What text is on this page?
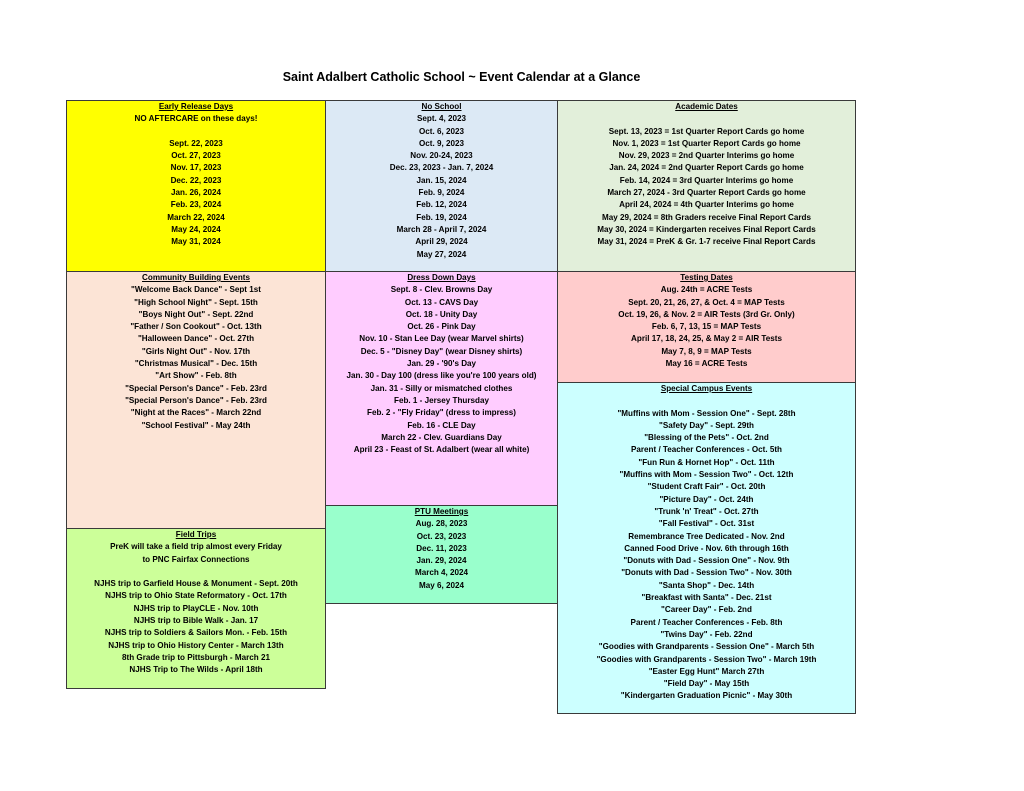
Saint Adalbert Catholic School ~ Event Calendar at a Glance
Early Release Days
NO AFTERCARE on these days!
Sept. 22, 2023
Oct. 27, 2023
Nov. 17, 2023
Dec. 22, 2023
Jan. 26, 2024
Feb. 23, 2024
March 22, 2024
May 24, 2024
May 31, 2024
No School
Sept. 4, 2023
Oct. 6, 2023
Oct. 9, 2023
Nov. 20-24, 2023
Dec. 23, 2023 - Jan. 7, 2024
Jan. 15, 2024
Feb. 9, 2024
Feb. 12, 2024
Feb. 19, 2024
March 28 - April 7, 2024
April 29, 2024
May 27, 2024
Academic Dates
Sept. 13, 2023 = 1st Quarter Report Cards go home
Nov. 1, 2023 = 1st Quarter Report Cards go home
Nov. 29, 2023 = 2nd Quarter Interims go home
Jan. 24, 2024 = 2nd Quarter Report Cards go home
Feb. 14, 2024 = 3rd Quarter Interims go home
March 27, 2024 - 3rd Quarter Report Cards go home
April 24, 2024 = 4th Quarter Interims go home
May 29, 2024 = 8th Graders receive Final Report Cards
May 30, 2024 = Kindergarten receives Final Report Cards
May 31, 2024 = PreK & Gr. 1-7 receive Final Report Cards
Community Building Events
"Welcome Back Dance" - Sept 1st
"High School Night" - Sept. 15th
"Boys Night Out" - Sept. 22nd
"Father / Son Cookout" - Oct. 13th
"Halloween Dance" - Oct. 27th
"Girls Night Out" - Nov. 17th
"Christmas Musical" - Dec. 15th
"Art Show" - Feb. 8th
"Special Person's Dance" - Feb. 23rd
"Special Person's Dance" - Feb. 23rd
"Night at the Races" - March 22nd
"School Festival" - May 24th
Dress Down Days
Sept. 8 - Clev. Browns Day
Oct. 13 - CAVS Day
Oct. 18 - Unity Day
Oct. 26 - Pink Day
Nov. 10 - Stan Lee Day (wear Marvel shirts)
Dec. 5 - "Disney Day" (wear Disney shirts)
Jan. 29 - '90's Day
Jan. 30 - Day 100 (dress like you're 100 years old)
Jan. 31 - Silly or mismatched clothes
Feb. 1 - Jersey Thursday
Feb. 2 - "Fly Friday" (dress to impress)
Feb. 16 - CLE Day
March 22 - Clev. Guardians Day
April 23 - Feast of St. Adalbert (wear all white)
Testing Dates
Aug. 24th = ACRE Tests
Sept. 20, 21, 26, 27, & Oct. 4 = MAP Tests
Oct. 19, 26, & Nov. 2 = AIR Tests (3rd Gr. Only)
Feb. 6, 7, 13, 15 = MAP Tests
April 17, 18, 24, 25, & May 2 = AIR Tests
May 7, 8, 9 = MAP Tests
May 16 = ACRE Tests
PTU Meetings
Aug. 28, 2023
Oct. 23, 2023
Dec. 11, 2023
Jan. 29, 2024
March 4, 2024
May 6, 2024
Field Trips
PreK will take a field trip almost every Friday
to PNC Fairfax Connections
NJHS trip to Garfield House & Monument - Sept. 20th
NJHS trip to Ohio State Reformatory - Oct. 17th
NJHS trip to PlayCLE - Nov. 10th
NJHS trip to Bible Walk - Jan. 17
NJHS trip to Soldiers & Sailors Mon. - Feb. 15th
NJHS trip to Ohio History Center - March 13th
8th Grade trip to Pittsburgh - March 21
NJHS Trip to The Wilds - April 18th
Special Campus Events
"Muffins with Mom - Session One" - Sept. 28th
"Safety Day" - Sept. 29th
"Blessing of the Pets" - Oct. 2nd
Parent / Teacher Conferences - Oct. 5th
"Fun Run & Hornet Hop" - Oct. 11th
"Muffins with Mom - Session Two" - Oct. 12th
"Student Craft Fair" - Oct. 20th
"Picture Day" - Oct. 24th
"Trunk 'n' Treat" - Oct. 27th
"Fall Festival" - Oct. 31st
Remembrance Tree Dedicated - Nov. 2nd
Canned Food Drive - Nov. 6th through 16th
"Donuts with Dad - Session One" - Nov. 9th
"Donuts with Dad - Session Two" - Nov. 30th
"Santa Shop" - Dec. 14th
"Breakfast with Santa" - Dec. 21st
"Career Day" - Feb. 2nd
Parent / Teacher Conferences - Feb. 8th
"Twins Day" - Feb. 22nd
"Goodies with Grandparents - Session One" - March 5th
"Goodies with Grandparents - Session Two" - March 19th
"Easter Egg Hunt" March 27th
"Field Day" - May 15th
"Kindergarten Graduation Picnic" - May 30th
